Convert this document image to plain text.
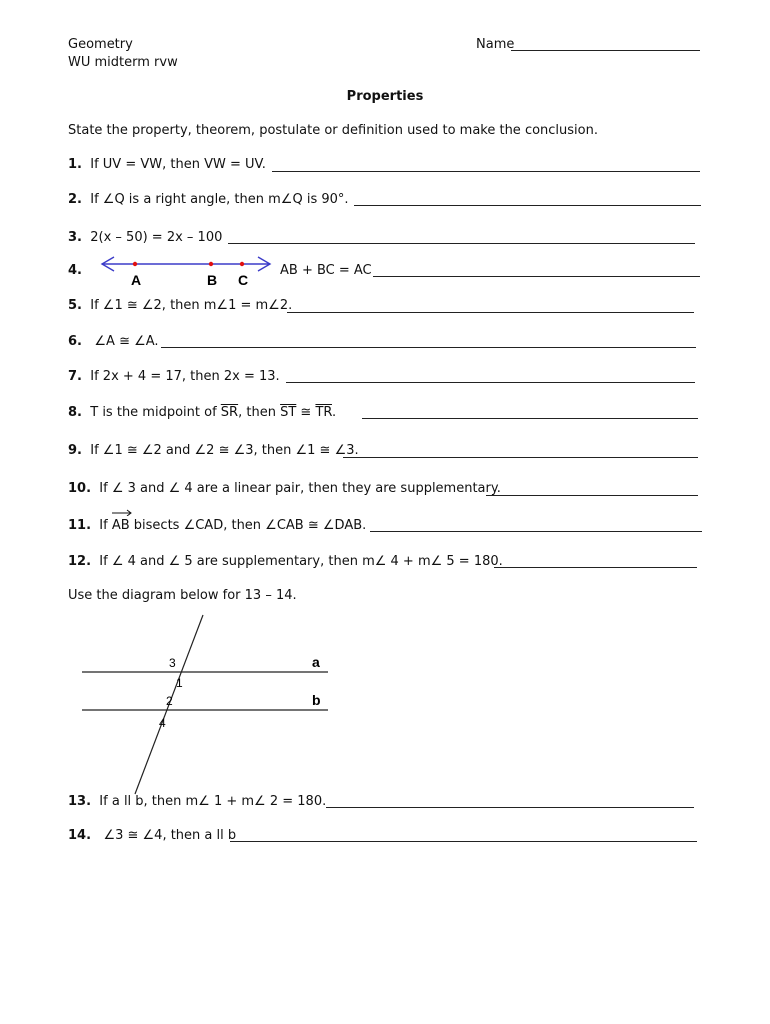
Geometry
WU midterm rvw
Name
Properties
State the property, theorem, postulate or definition used to make the conclusion.
1. If UV = VW, then VW = UV.
2. If ∠Q is a right angle, then m∠Q is 90°.
3. 2(x – 50) = 2x – 100
4.
A	B C
AB + BC = AC
5. If ∠1 ≅ ∠2, then m∠1 = m∠2.
6. ∠A ≅ ∠A.
7. If 2x + 4 = 17, then 2x = 13.
8. T is the midpoint of $\overline{SR}$, then $\overline{ST}$ ≅ $\overline{TR}$.
9. If ∠1 ≅ ∠2 and ∠2 ≅ ∠3, then ∠1 ≅ ∠3.
10. If ∠ 3 and ∠ 4 are a linear pair, then they are supplementary.
11. If
AB bisects ∠CAD, then ∠CAB ≅ ∠DAB.
12. If ∠ 4 and ∠ 5 are supplementary, then m∠ 4 + m∠ 5 = 180.
Use the diagram below for 13 – 14.
a
b
3
1
2
4
13. If a ll b, then m∠ 1 + m∠ 2 = 180.
14. ∠3 ≅ ∠4, then a ll b
